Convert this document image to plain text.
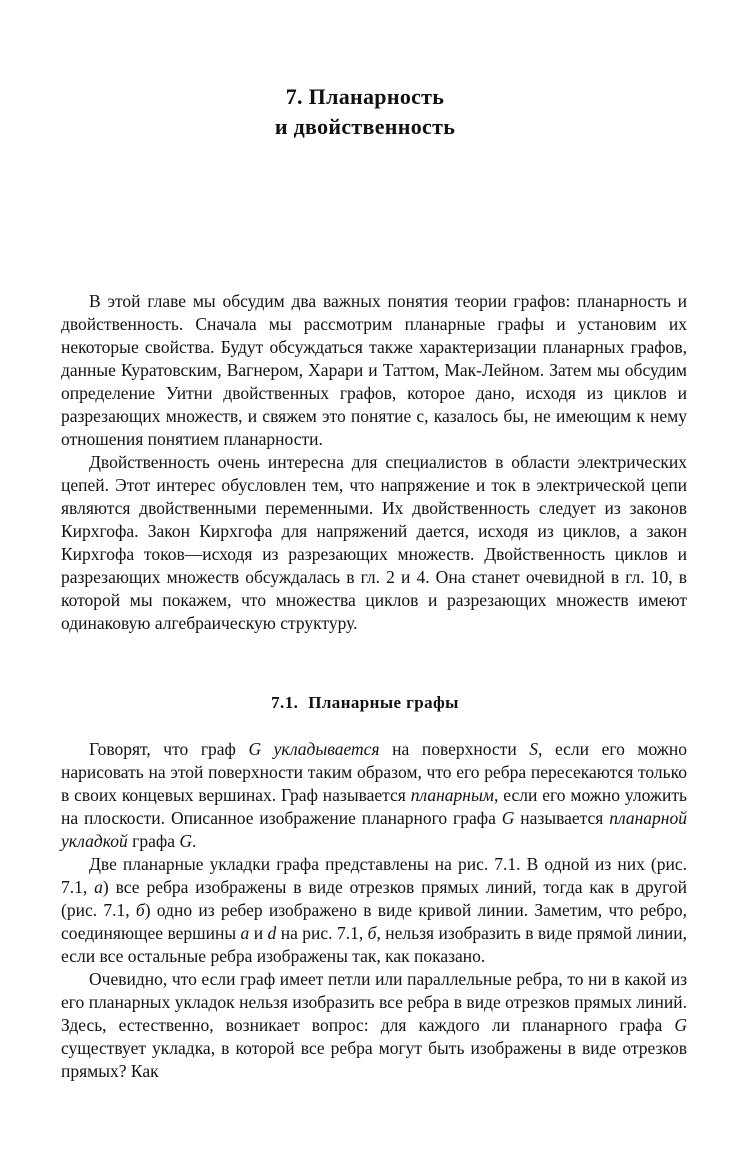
7. Планарность
и двойственность

В этой главе мы обсудим два важных понятия теории графов: планарность и двойственность. Сначала мы рассмотрим планарные графы и установим их некоторые свойства. Будут обсуждаться также характеризации планарных графов, данные Куратовским, Вагнером, Харари и Таттом, Мак-Лейном. Затем мы обсудим определение Уитни двойственных графов, которое дано, исходя из циклов и разрезающих множеств, и свяжем это понятие с, казалось бы, не имеющим к нему отношения понятием планарности.

Двойственность очень интересна для специалистов в области электрических цепей. Этот интерес обусловлен тем, что напряжение и ток в электрической цепи являются двойственными переменными. Их двойственность следует из законов Кирхгофа. Закон Кирхгофа для напряжений дается, исходя из циклов, а закон Кирхгофа токов—исходя из разрезающих множеств. Двойственность циклов и разрезающих множеств обсуждалась в гл. 2 и 4. Она станет очевидной в гл. 10, в которой мы покажем, что множества циклов и разрезающих множеств имеют одинаковую алгебраическую структуру.

7.1. Планарные графы

Говорят, что граф G укладывается на поверхности S, если его можно нарисовать на этой поверхности таким образом, что его ребра пересекаются только в своих концевых вершинах. Граф называется планарным, если его можно уложить на плоскости. Описанное изображение планарного графа G называется планарной укладкой графа G.

Две планарные укладки графа представлены на рис. 7.1. В одной из них (рис. 7.1, а) все ребра изображены в виде отрезков прямых линий, тогда как в другой (рис. 7.1, б) одно из ребер изображено в виде кривой линии. Заметим, что ребро, соединяющее вершины a и d на рис. 7.1, б, нельзя изобразить в виде прямой линии, если все остальные ребра изображены так, как показано.

Очевидно, что если граф имеет петли или параллельные ребра, то ни в какой из его планарных укладок нельзя изобразить все ребра в виде отрезков прямых линий. Здесь, естественно, возникает вопрос: для каждого ли планарного графа G существует укладка, в которой все ребра могут быть изображены в виде отрезков прямых? Как
